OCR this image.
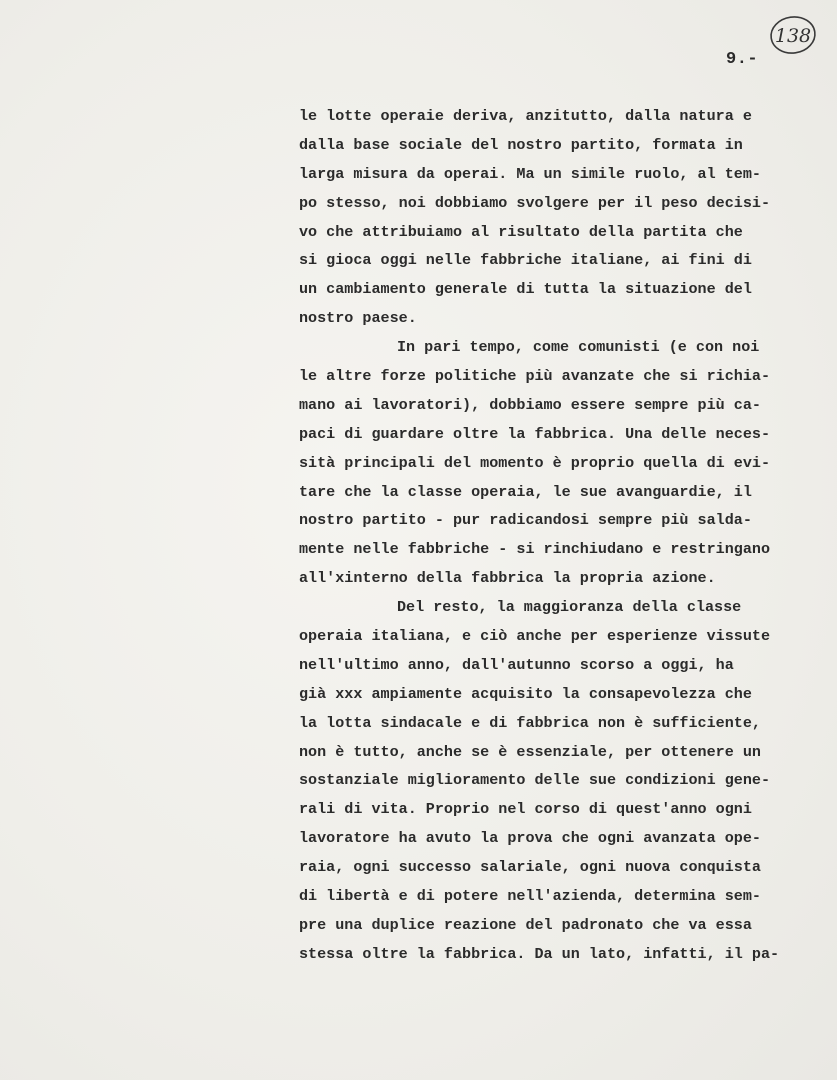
138
9.-
le lotte operaie deriva, anzitutto, dalla natura e
dalla base sociale del nostro partito, formata in
larga misura da operai. Ma un simile ruolo, al tem-
po stesso, noi dobbiamo svolgere per il peso decisi-
vo che attribuiamo al risultato della partita che
si gioca oggi nelle fabbriche italiane, ai fini di
un cambiamento generale di tutta la situazione del
nostro paese.
In pari tempo, come comunisti (e con noi
le altre forze politiche più avanzate che si richia-
mano ai lavoratori), dobbiamo essere sempre più ca-
paci di guardare oltre la fabbrica. Una delle neces-
sità principali del momento è proprio quella di evi-
tare che la classe operaia, le sue avanguardie, il
nostro partito - pur radicandosi sempre più salda-
mente nelle fabbriche - si rinchiudano e restringano
all'xinterno della fabbrica la propria azione.
Del resto, la maggioranza della classe
operaia italiana, e ciò anche per esperienze vissute
nell'ultimo anno, dall'autunno scorso a oggi, ha
già xxx ampiamente acquisito la consapevolezza che
la lotta sindacale e di fabbrica non è sufficiente,
non è tutto, anche se è essenziale, per ottenere un
sostanziale miglioramento delle sue condizioni gene-
rali di vita. Proprio nel corso di quest'anno ogni
lavoratore ha avuto la prova che ogni avanzata ope-
raia, ogni successo salariale, ogni nuova conquista
di libertà e di potere nell'azienda, determina sem-
pre una duplice reazione del padronato che va essa
stessa oltre la fabbrica. Da un lato, infatti, il pa-
